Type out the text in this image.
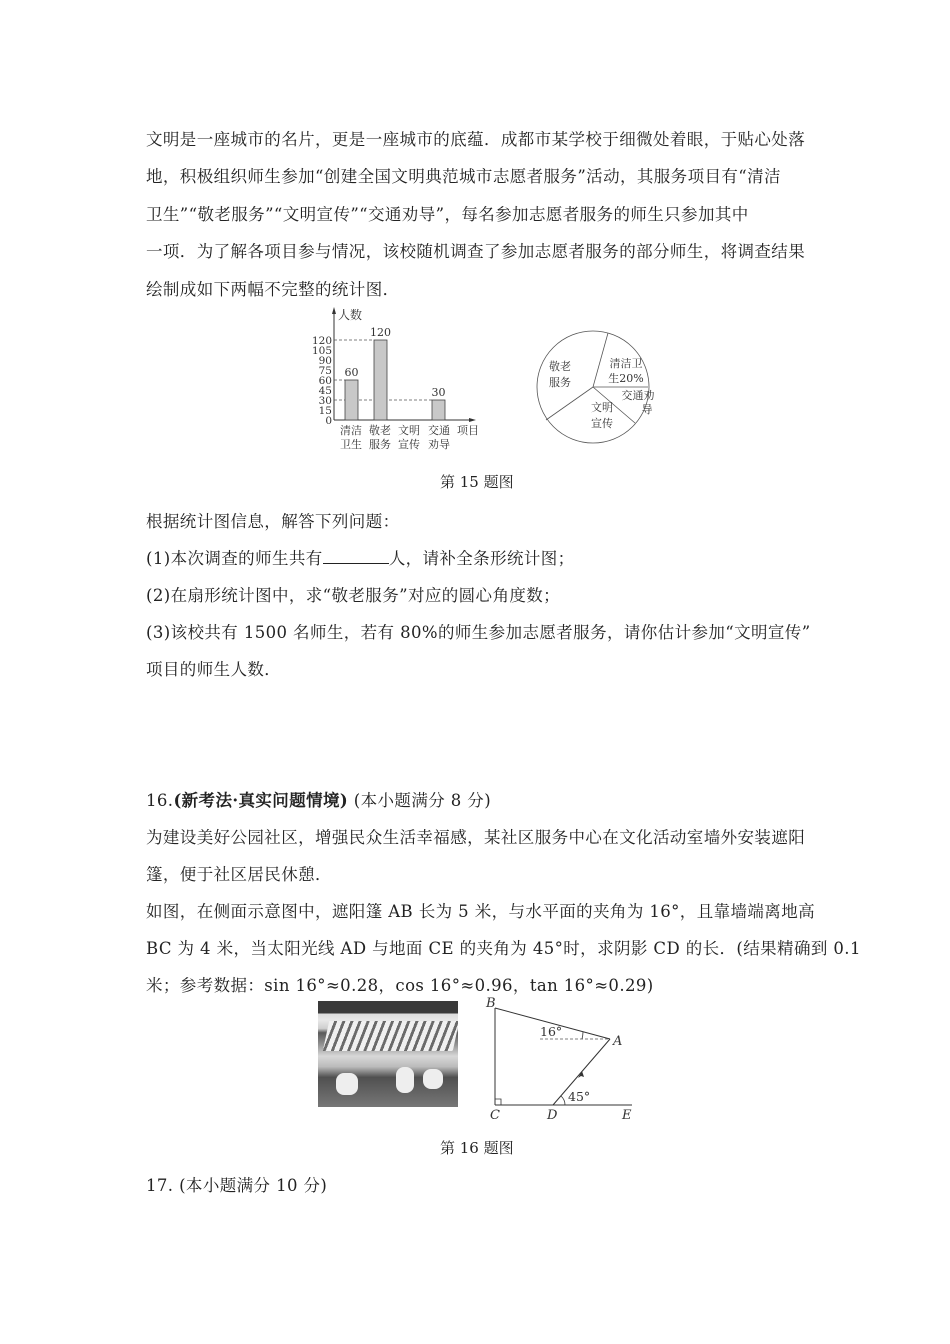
文明是一座城市的名片，更是一座城市的底蕴．成都市某学校于细微处着眼，于贴心处落
地，积极组织师生参加“创建全国文明典范城市志愿者服务”活动，其服务项目有“清洁
卫生”“敬老服务”“文明宣传”“交通劝导”，每名参加志愿者服务的师生只参加其中
一项．为了解各项目参与情况，该校随机调查了参加志愿者服务的部分师生，将调查结果
绘制成如下两幅不完整的统计图．
人数
0
15
30
45
60
75
90
105
120
60
120
30
清洁
卫生
敬老
服务
文明
宣传
交通
劝导
项目
清洁卫
生20%
交通劝
导
文明
宣传
敬老
服务
第 15 题图
根据统计图信息，解答下列问题：
(1)本次调查的师生共有	人，请补全条形统计图；
(2)在扇形统计图中，求“敬老服务”对应的圆心角度数；
(3)该校共有 1500 名师生，若有 80%的师生参加志愿者服务，请你估计参加“文明宣传”
项目的师生人数．
16.(新考法·真实问题情境) (本小题满分 8 分)
为建设美好公园社区，增强民众生活幸福感，某社区服务中心在文化活动室墙外安装遮阳
篷，便于社区居民休憩．
如图，在侧面示意图中，遮阳篷 AB 长为 5 米，与水平面的夹角为 16°，且靠墙端离地高
BC 为 4 米，当太阳光线 AD 与地面 CE 的夹角为 45°时，求阴影 CD 的长．(结果精确到 0.1
米；参考数据：sin 16°≈0.28，cos 16°≈0.96，tan 16°≈0.29)
B
A
C	D	E
16°
45°
第 16 题图
17. (本小题满分 10 分)
